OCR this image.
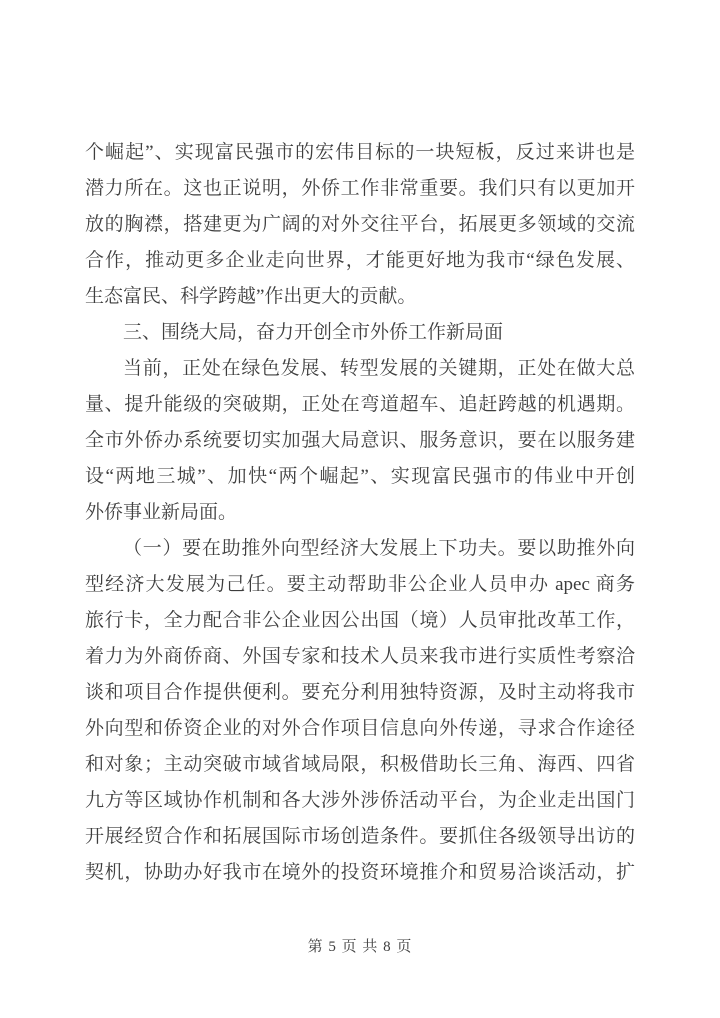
个崛起”、实现富民强市的宏伟目标的一块短板，反过来讲也是
潜力所在。这也正说明，外侨工作非常重要。我们只有以更加开
放的胸襟，搭建更为广阔的对外交往平台，拓展更多领域的交流
合作，推动更多企业走向世界，才能更好地为我市“绿色发展、
生态富民、科学跨越”作出更大的贡献。
三、围绕大局，奋力开创全市外侨工作新局面
当前，正处在绿色发展、转型发展的关键期，正处在做大总
量、提升能级的突破期，正处在弯道超车、追赶跨越的机遇期。
全市外侨办系统要切实加强大局意识、服务意识，要在以服务建
设“两地三城”、加快“两个崛起”、实现富民强市的伟业中开创
外侨事业新局面。
（一）要在助推外向型经济大发展上下功夫。要以助推外向
型经济大发展为己任。要主动帮助非公企业人员申办 apec 商务
旅行卡，全力配合非公企业因公出国（境）人员审批改革工作，
着力为外商侨商、外国专家和技术人员来我市进行实质性考察洽
谈和项目合作提供便利。要充分利用独特资源，及时主动将我市
外向型和侨资企业的对外合作项目信息向外传递，寻求合作途径
和对象；主动突破市域省域局限，积极借助长三角、海西、四省
九方等区域协作机制和各大涉外涉侨活动平台，为企业走出国门
开展经贸合作和拓展国际市场创造条件。要抓住各级领导出访的
契机，协助办好我市在境外的投资环境推介和贸易洽谈活动，扩
第 5 页 共 8 页
